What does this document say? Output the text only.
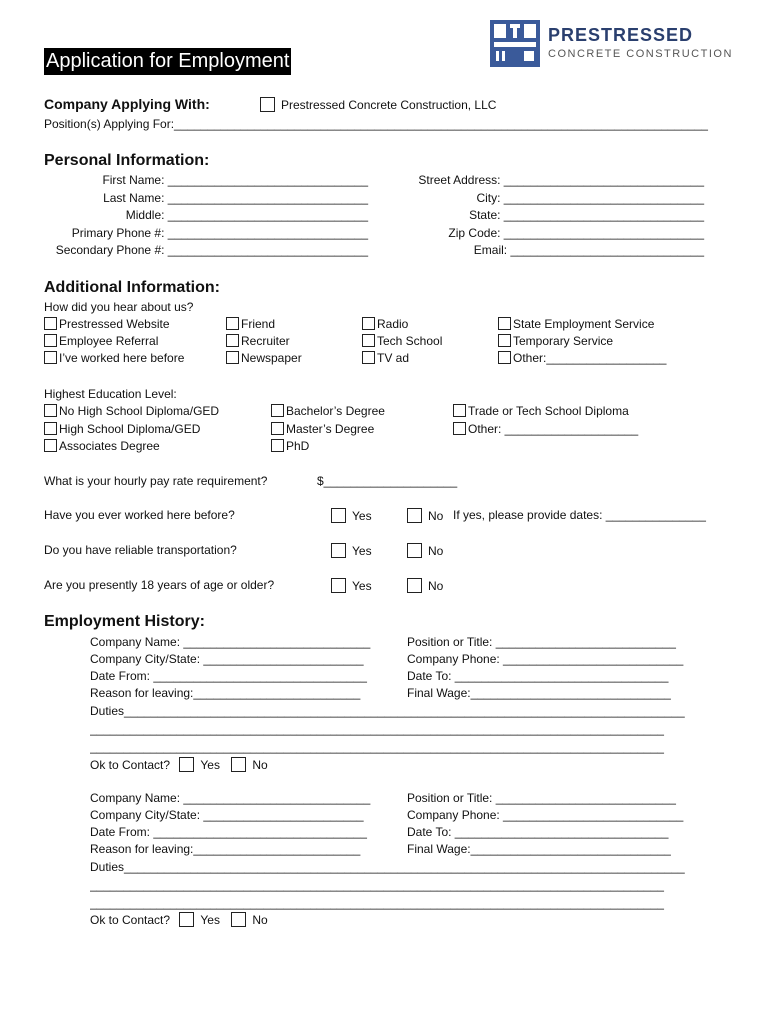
PRESTRESSED
CONCRETE CONSTRUCTION
Application for Employment
Company Applying With:	Prestressed Concrete Construction, LLC
Position(s) Applying For:________________________________________________________________________________
Personal Information:
First Name: ______________________________
Last Name: ______________________________
Middle: ______________________________
Primary Phone #: ______________________________
Secondary Phone #: ______________________________
Street Address: ______________________________
City: ______________________________
State: ______________________________
Zip Code: ______________________________
Email: _____________________________
Additional Information:
How did you hear about us?
Prestressed Website
Employee Referral
I’ve worked here before
Friend
Recruiter
Newspaper
Radio
Tech School
TV ad
State Employment Service
Temporary Service
Other:__________________
Highest Education Level:
No High School Diploma/GED
High School Diploma/GED
Associates Degree
Bachelor’s Degree
Master’s Degree
PhD
Trade or Tech School Diploma
Other: ____________________
What is your hourly pay rate requirement?	$____________________
Have you ever worked here before?	Yes	No If yes, please provide dates: _______________
Do you have reliable transportation?	Yes	No
Are you presently 18 years of age or older?	Yes	No
Employment History:
Company Name: ____________________________
Company City/State: ________________________
Date From: ________________________________
Reason for leaving:_________________________
Position or Title: ___________________________
Company Phone: ___________________________
Date To: ________________________________
Final Wage:______________________________
Duties____________________________________________________________________________________
______________________________________________________________________________________
______________________________________________________________________________________
Ok to Contact?	Yes	No
Company Name: ____________________________
Company City/State: ________________________
Date From: ________________________________
Reason for leaving:_________________________
Position or Title: ___________________________
Company Phone: ___________________________
Date To: ________________________________
Final Wage:______________________________
Duties____________________________________________________________________________________
______________________________________________________________________________________
______________________________________________________________________________________
Ok to Contact?	Yes	No
